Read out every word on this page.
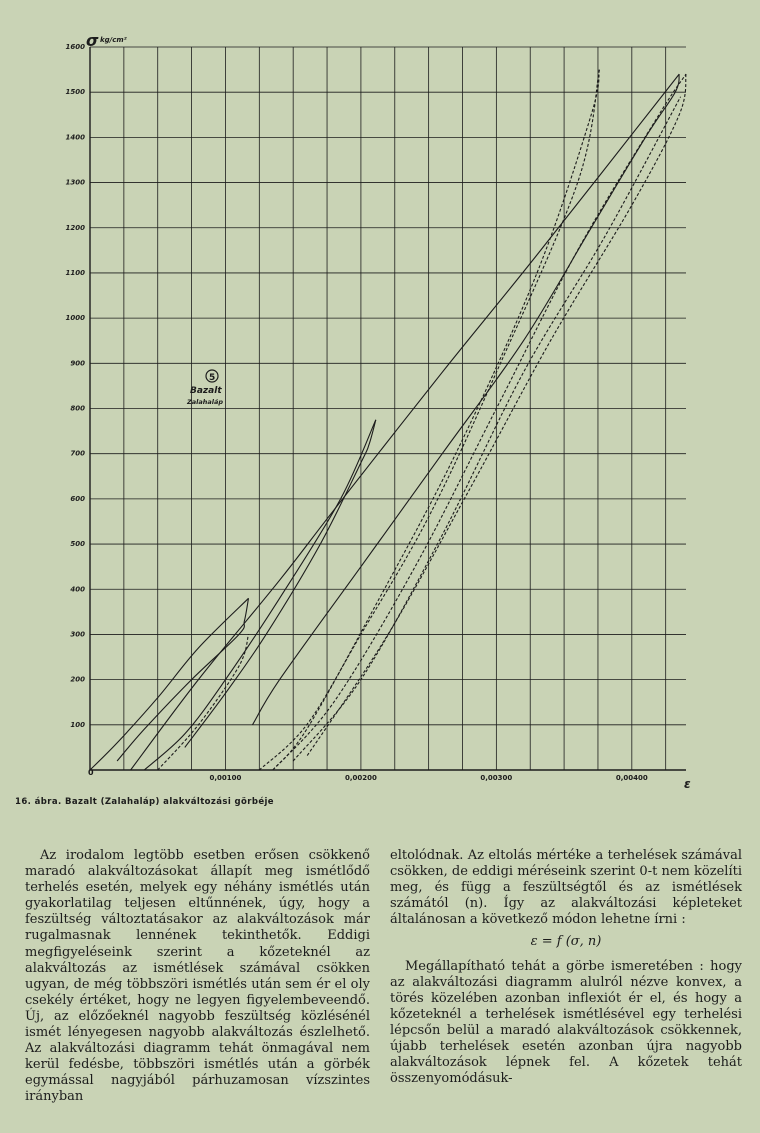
100
200
300
400
500
600
700
800
900
1000
1100
1200
1300
1400
1500
1600
0,00100	0,00200	0,00300	0,00400
σ kg/cm²
ε
0
5
Bazalt
Zalahaláp
16. ábra. Bazalt (Zalahaláp) alakváltozási görbéje

Az irodalom legtöbb esetben erősen csökkenő maradó alakváltozásokat állapít meg ismétlődő terhelés esetén, melyek egy néhány ismétlés után gyakorlatilag teljesen eltűnnének, úgy, hogy a feszültség változtatásakor az alakváltozások már rugalmasnak lennének tekinthetők. Eddigi megfigyeléseink szerint a kőzeteknél az alakváltozás az ismétlések számával csökken ugyan, de még többszöri ismétlés után sem ér el oly csekély értéket, hogy ne legyen figyelembeveendő. Új, az előzőeknél nagyobb feszültség közlésénél ismét lényegesen nagyobb alakváltozás észlelhető. Az alakváltozási diagramm tehát önmagával nem kerül fedésbe, többszöri ismétlés után a görbék egymással nagyjából párhuzamosan vízszintes irányban

eltolódnak. Az eltolás mértéke a terhelések számával csökken, de eddigi méréseink szerint 0-t nem közelíti meg, és függ a feszültségtől és az ismétlések számától (n). Így az alakváltozási képleteket általánosan a következő módon lehetne írni :

ε = f (σ, n)

Megállapítható tehát a görbe ismeretében : hogy az alakváltozási diagramm alulról nézve konvex, a törés közelében azonban inflexiót ér el, és hogy a kőzeteknél a terhelések ismétlésével egy terhelési lépcsőn belül a maradó alakváltozások csökkennek, újabb terhelések esetén azonban újra nagyobb alakváltozások lépnek fel. A kőzetek tehát összenyomódásuk-
